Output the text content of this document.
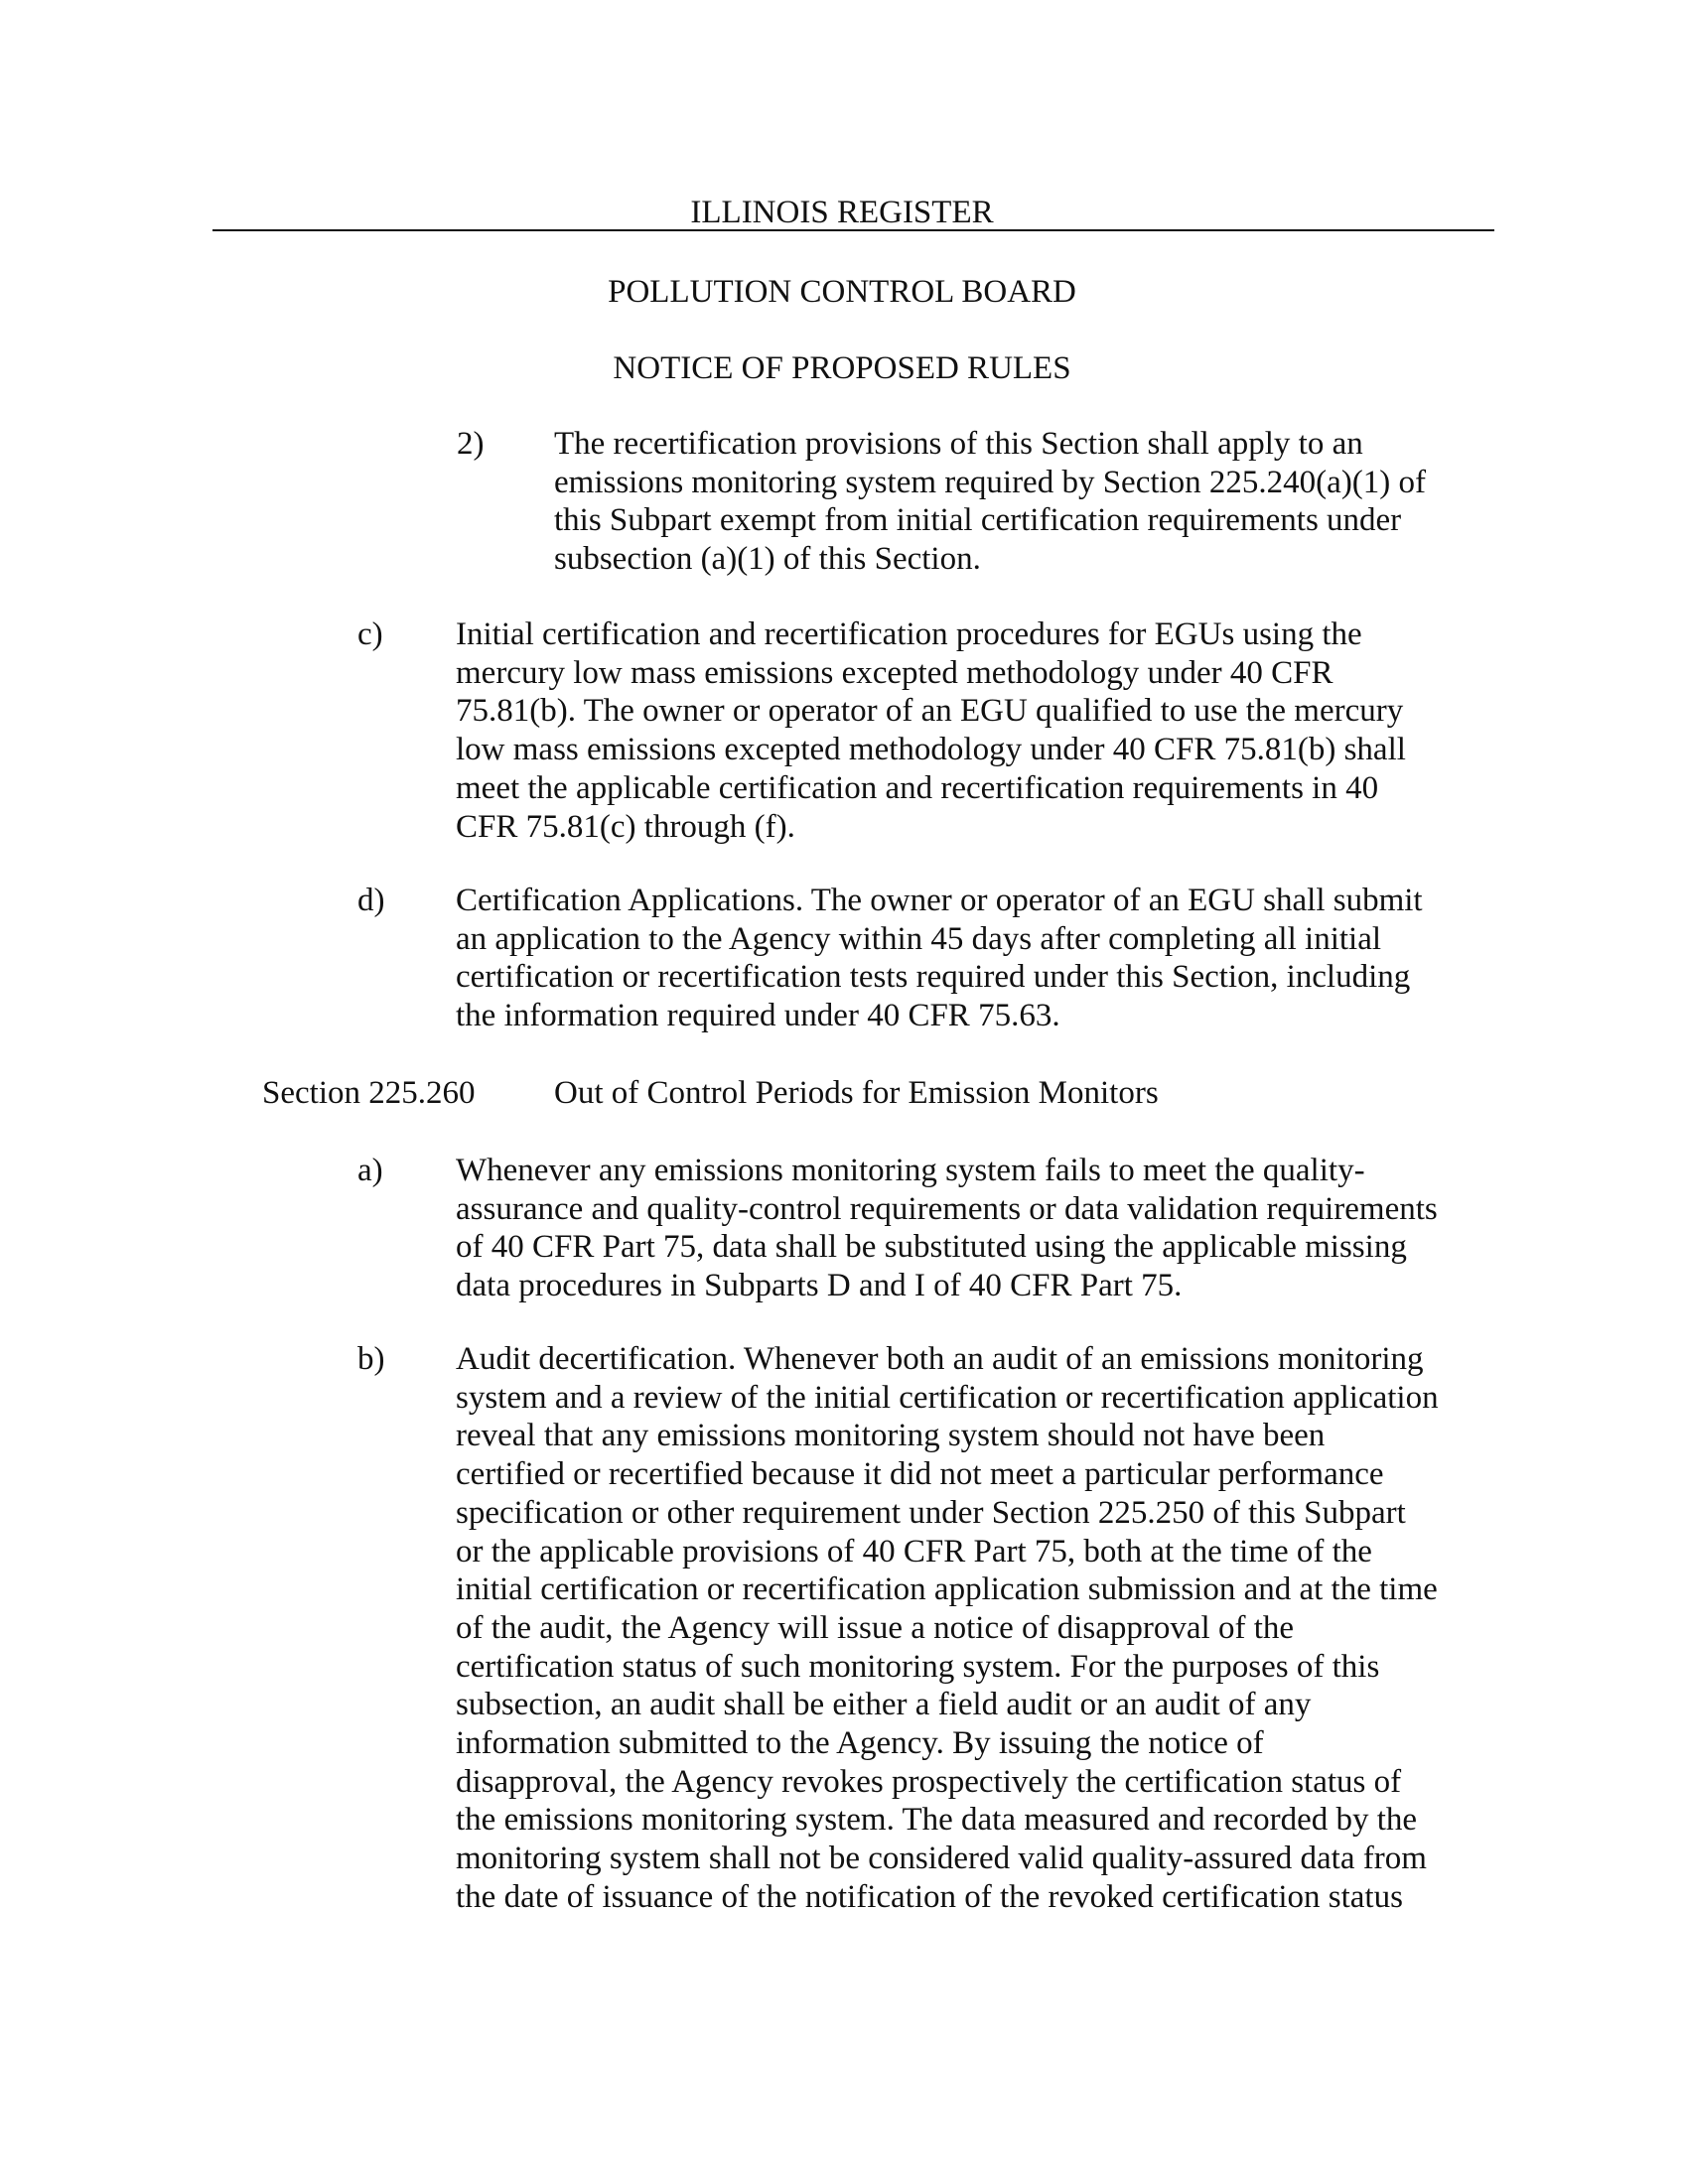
ILLINOIS REGISTER
POLLUTION CONTROL BOARD
NOTICE OF PROPOSED RULES
2) The recertification provisions of this Section shall apply to an
emissions monitoring system required by Section 225.240(a)(1) of
this Subpart exempt from initial certification requirements under
subsection (a)(1) of this Section.
c) Initial certification and recertification procedures for EGUs using the
mercury low mass emissions excepted methodology under 40 CFR
75.81(b). The owner or operator of an EGU qualified to use the mercury
low mass emissions excepted methodology under 40 CFR 75.81(b) shall
meet the applicable certification and recertification requirements in 40
CFR 75.81(c) through (f).
d) Certification Applications. The owner or operator of an EGU shall submit
an application to the Agency within 45 days after completing all initial
certification or recertification tests required under this Section, including
the information required under 40 CFR 75.63.
Section 225.260 Out of Control Periods for Emission Monitors
a) Whenever any emissions monitoring system fails to meet the quality-
assurance and quality-control requirements or data validation requirements
of 40 CFR Part 75, data shall be substituted using the applicable missing
data procedures in Subparts D and I of 40 CFR Part 75.
b) Audit decertification. Whenever both an audit of an emissions monitoring
system and a review of the initial certification or recertification application
reveal that any emissions monitoring system should not have been
certified or recertified because it did not meet a particular performance
specification or other requirement under Section 225.250 of this Subpart
or the applicable provisions of 40 CFR Part 75, both at the time of the
initial certification or recertification application submission and at the time
of the audit, the Agency will issue a notice of disapproval of the
certification status of such monitoring system. For the purposes of this
subsection, an audit shall be either a field audit or an audit of any
information submitted to the Agency. By issuing the notice of
disapproval, the Agency revokes prospectively the certification status of
the emissions monitoring system. The data measured and recorded by the
monitoring system shall not be considered valid quality-assured data from
the date of issuance of the notification of the revoked certification status
